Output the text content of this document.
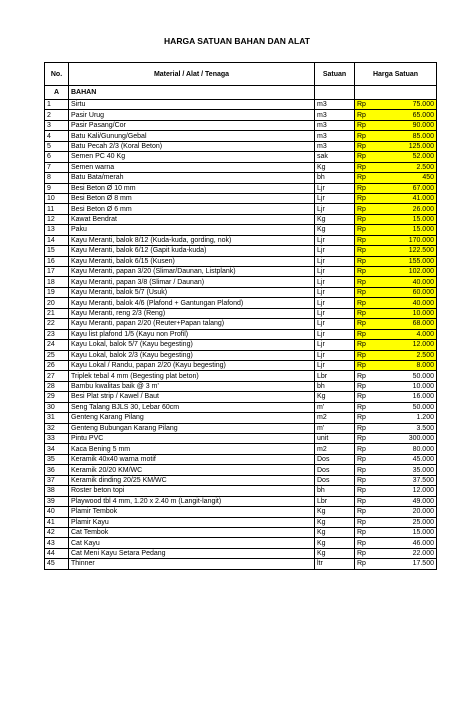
HARGA SATUAN BAHAN DAN ALAT
No.	Material / Alat / Tenaga	Satuan	Harga Satuan	
A	BAHAN			
1	Sirtu	m3	Rp	75.000
2	Pasir Urug	m3	Rp	65.000
3	Pasir Pasang/Cor	m3	Rp	90.000
4	Batu Kali/Gunung/Gebal	m3	Rp	85.000
5	Batu Pecah 2/3 (Koral Beton)	m3	Rp	125.000
6	Semen PC 40 Kg	sak	Rp	52.000
7	Semen warna	Kg	Rp	2.500
8	Batu Bata/merah	bh	Rp	450
9	Besi Beton Ø 10 mm	Ljr	Rp	67.000
10	Besi Beton Ø 8 mm	Ljr	Rp	41.000
11	Besi Beton Ø 6 mm	Ljr	Rp	26.000
12	Kawat Bendrat	Kg	Rp	15.000
13	Paku	Kg	Rp	15.000
14	Kayu Meranti, balok 8/12 (Kuda-kuda, gording, nok)	Ljr	Rp	170.000
15	Kayu Meranti, balok 6/12 (Gapit kuda-kuda)	Ljr	Rp	122.500
16	Kayu Meranti, balok 6/15 (Kusen)	Ljr	Rp	155.000
17	Kayu Meranti, papan 3/20 (Slimar/Daunan, Listplank)	Ljr	Rp	102.000
18	Kayu Meranti, papan 3/8 (Slimar / Daunan)	Ljr	Rp	40.000
19	Kayu Meranti, balok 5/7 (Usuk)	Ljr	Rp	60.000
20	Kayu Meranti, balok 4/6 (Plafond + Gantungan Plafond)	Ljr	Rp	40.000
21	Kayu Meranti, reng 2/3 (Reng)	Ljr	Rp	10.000
22	Kayu Meranti, papan 2/20 (Reuter+Papan talang)	Ljr	Rp	68.000
23	Kayu list plafond 1/5 (Kayu non Profil)	Ljr	Rp	4.000
24	Kayu Lokal, balok 5/7 (Kayu begesting)	Ljr	Rp	12.000
25	Kayu Lokal, balok 2/3 (Kayu begesting)	Ljr	Rp	2.500
26	Kayu Lokal / Randu, papan 2/20 (Kayu begesting)	Ljr	Rp	8.000
27	Triplek tebal 4 mm (Begesting plat beton)	Lbr	Rp	50.000
28	Bambu kwalitas baik @ 3 m'	bh	Rp	10.000
29	Besi Plat strip / Kawel / Baut	Kg	Rp	16.000
30	Seng Talang BJLS 30, Lebar 60cm	m'	Rp	50.000
31	Genteng Karang Pilang	m2	Rp	1.200
32	Genteng Bubungan Karang Pilang	m'	Rp	3.500
33	Pintu PVC	unit	Rp	300.000
34	Kaca Bening 5 mm	m2	Rp	80.000
35	Keramik 40x40 warna motif	Dos	Rp	45.000
36	Keramik 20/20 KM/WC	Dos	Rp	35.000
37	Keramik dinding 20/25 KM/WC	Dos	Rp	37.500
38	Roster beton topi	bh	Rp	12.000
39	Playwood tbl 4 mm, 1.20 x 2.40 m (Langit-langit)	Lbr	Rp	49.000
40	Plamir Tembok	Kg	Rp	20.000
41	Plamir Kayu	Kg	Rp	25.000
42	Cat Tembok	Kg	Rp	15.000
43	Cat Kayu	Kg	Rp	46.000
44	Cat Meni Kayu Setara Pedang	Kg	Rp	22.000
45	Thinner	ltr	Rp	17.500
